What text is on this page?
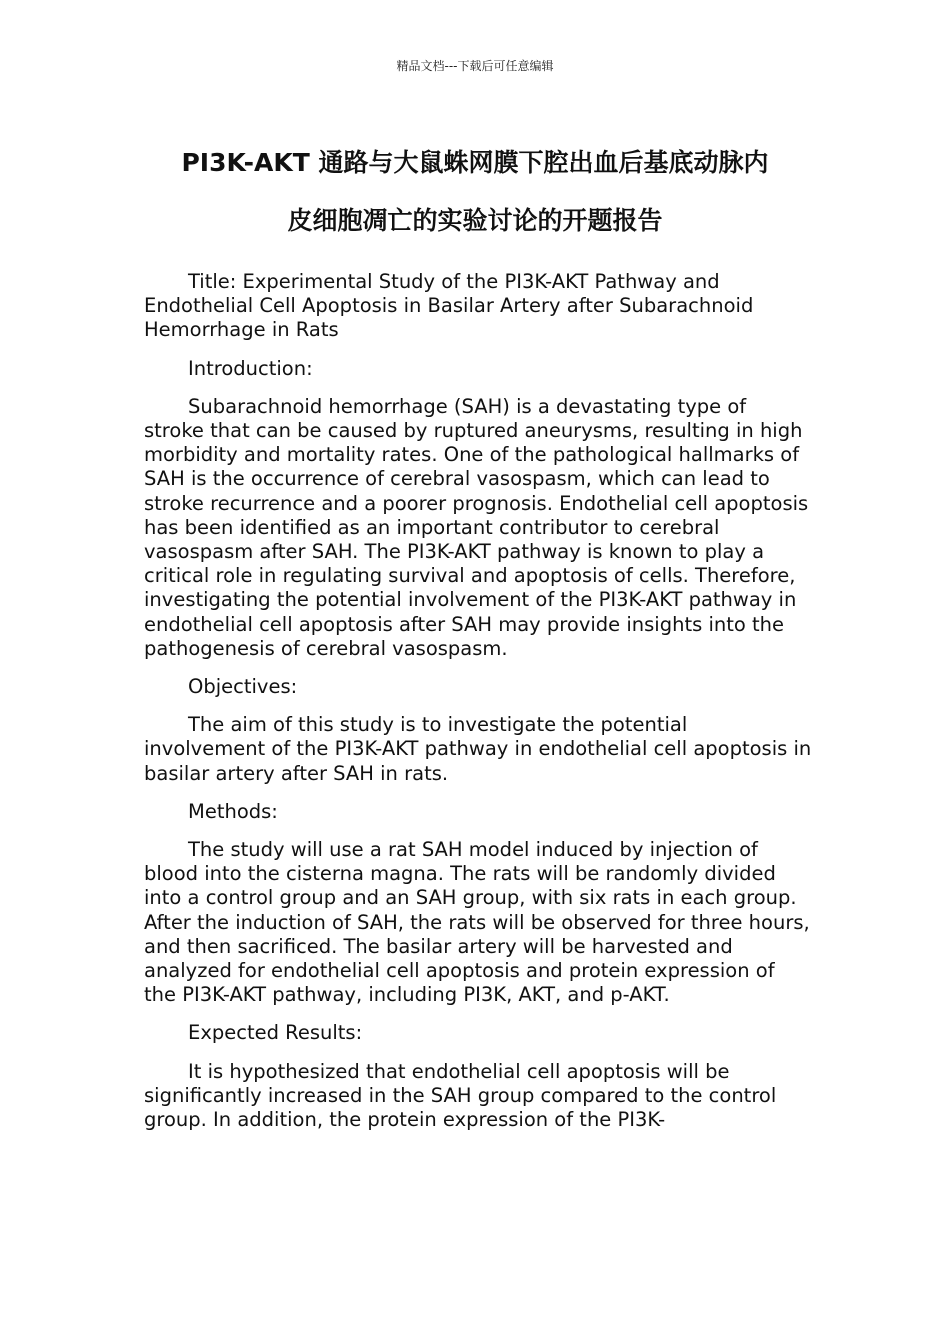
精品文档---下载后可任意编辑
PI3K-AKT 通路与大鼠蛛网膜下腔出血后基底动脉内
皮细胞凋亡的实验讨论的开题报告

Title: Experimental Study of the PI3K-AKT Pathway and Endothelial Cell Apoptosis in Basilar Artery after Subarachnoid Hemorrhage in Rats

Introduction:

Subarachnoid hemorrhage (SAH) is a devastating type of stroke that can be caused by ruptured aneurysms, resulting in high morbidity and mortality rates. One of the pathological hallmarks of SAH is the occurrence of cerebral vasospasm, which can lead to stroke recurrence and a poorer prognosis. Endothelial cell apoptosis has been identified as an important contributor to cerebral vasospasm after SAH. The PI3K-AKT pathway is known to play a critical role in regulating survival and apoptosis of cells. Therefore, investigating the potential involvement of the PI3K-AKT pathway in endothelial cell apoptosis after SAH may provide insights into the pathogenesis of cerebral vasospasm.

Objectives:

The aim of this study is to investigate the potential involvement of the PI3K-AKT pathway in endothelial cell apoptosis in basilar artery after SAH in rats.

Methods:

The study will use a rat SAH model induced by injection of blood into the cisterna magna. The rats will be randomly divided into a control group and an SAH group, with six rats in each group. After the induction of SAH, the rats will be observed for three hours, and then sacrificed. The basilar artery will be harvested and analyzed for endothelial cell apoptosis and protein expression of the PI3K-AKT pathway, including PI3K, AKT, and p-AKT.

Expected Results:

It is hypothesized that endothelial cell apoptosis will be significantly increased in the SAH group compared to the control group. In addition, the protein expression of the PI3K-
